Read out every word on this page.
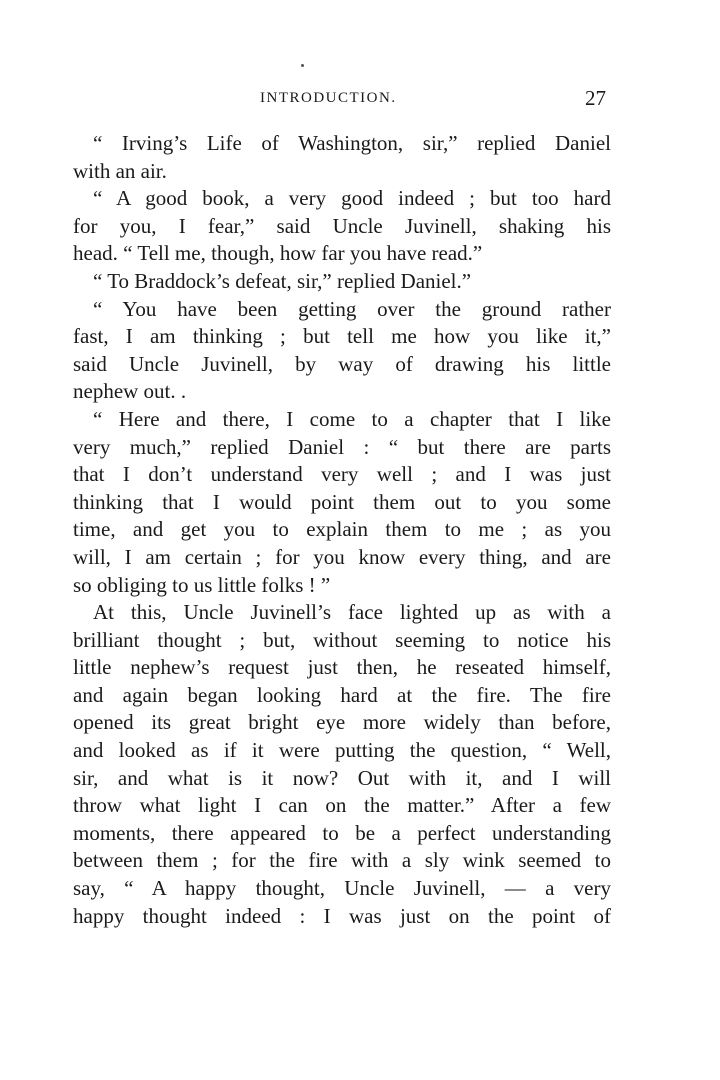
INTRODUCTION.	27
“ Irving’s Life of Washington, sir,” replied Daniel
with an air.
“ A good book, a very good indeed ; but too hard
for you, I fear,” said Uncle Juvinell, shaking his
head. “ Tell me, though, how far you have read.”
“ To Braddock’s defeat, sir,” replied Daniel.”
“ You have been getting over the ground rather
fast, I am thinking ; but tell me how you like it,”
said Uncle Juvinell, by way of drawing his little
nephew out. .
“ Here and there, I come to a chapter that I like
very much,” replied Daniel : “ but there are parts
that I don’t understand very well ; and I was just
thinking that I would point them out to you some
time, and get you to explain them to me ; as you
will, I am certain ; for you know every thing, and are
so obliging to us little folks ! ”
At this, Uncle Juvinell’s face lighted up as with a
brilliant thought ; but, without seeming to notice his
little nephew’s request just then, he reseated himself,
and again began looking hard at the fire. The fire
opened its great bright eye more widely than before,
and looked as if it were putting the question, “ Well,
sir, and what is it now? Out with it, and I will
throw what light I can on the matter.” After a few
moments, there appeared to be a perfect understanding
between them ; for the fire with a sly wink seemed to
say, “ A happy thought, Uncle Juvinell, — a very
happy thought indeed : I was just on the point of
